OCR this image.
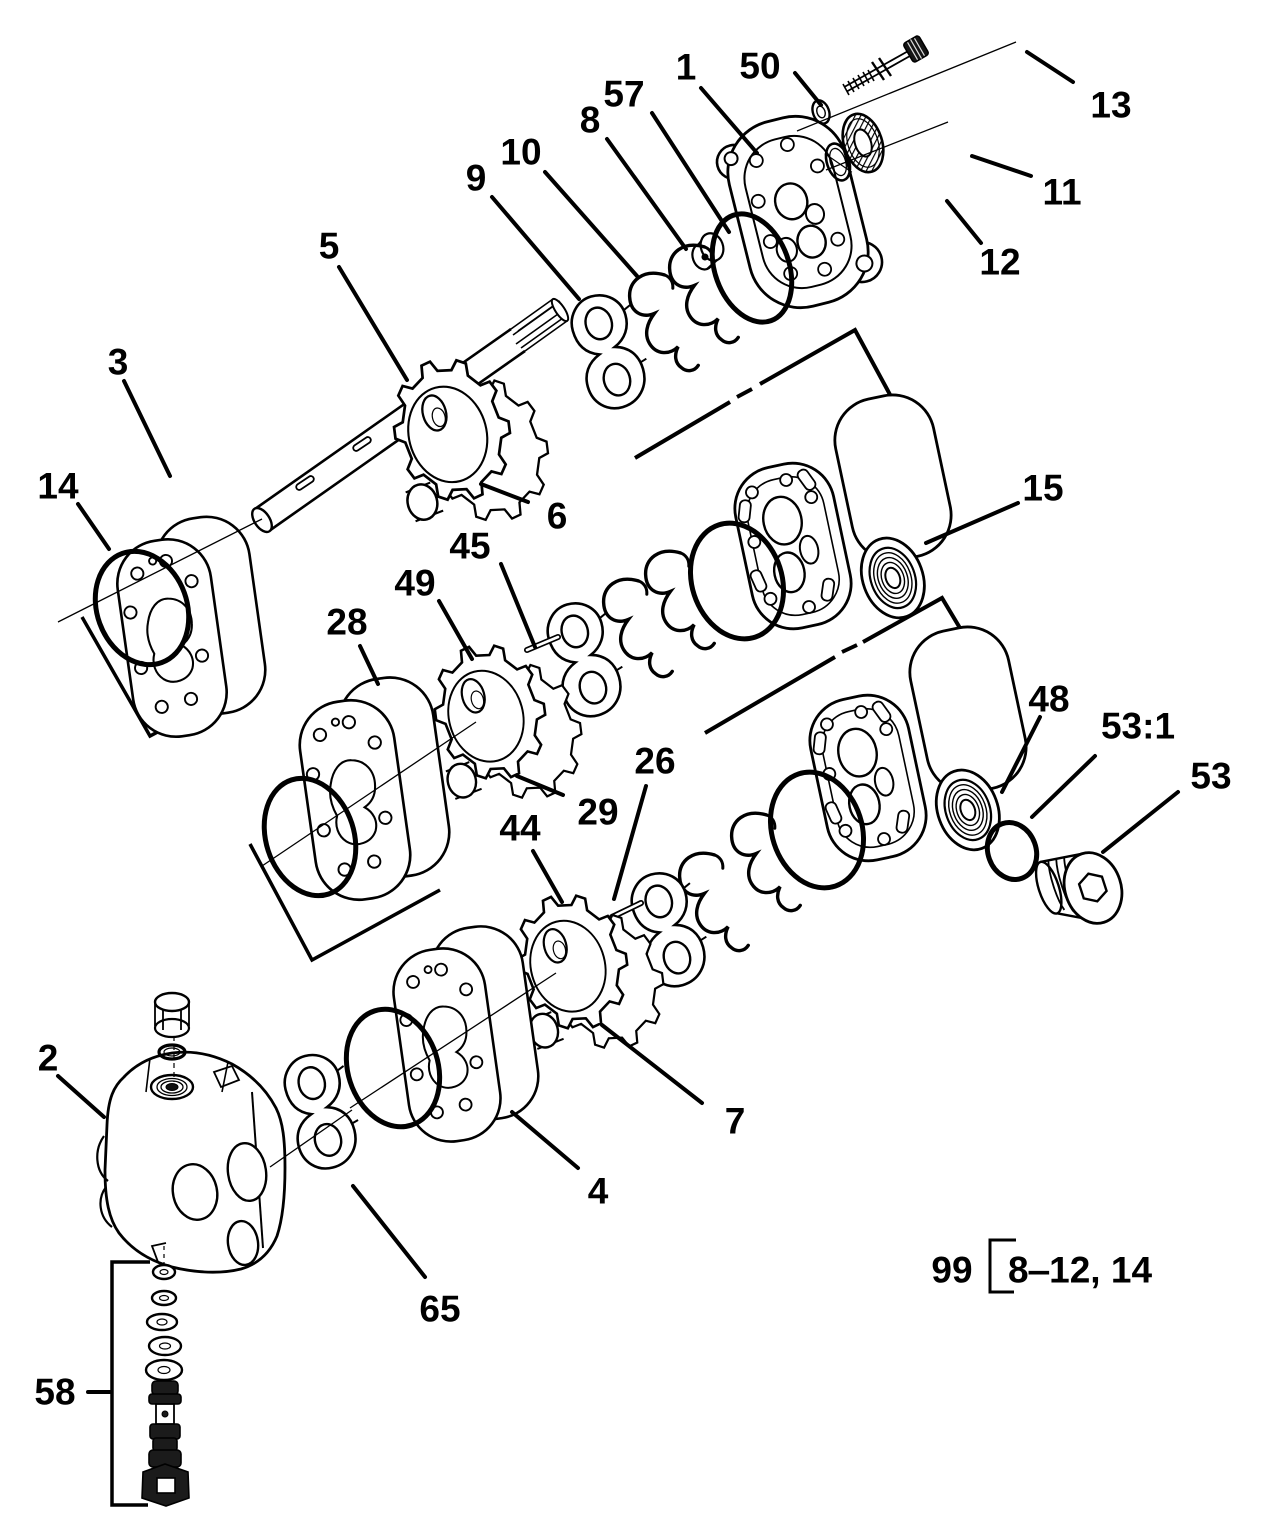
1 50
13
11
12
57
8
10
9
5
3
14
6
45
49
28
15
29
26
44
48
53:1
53
2
7
4
65
58
99 8‒12, 14
